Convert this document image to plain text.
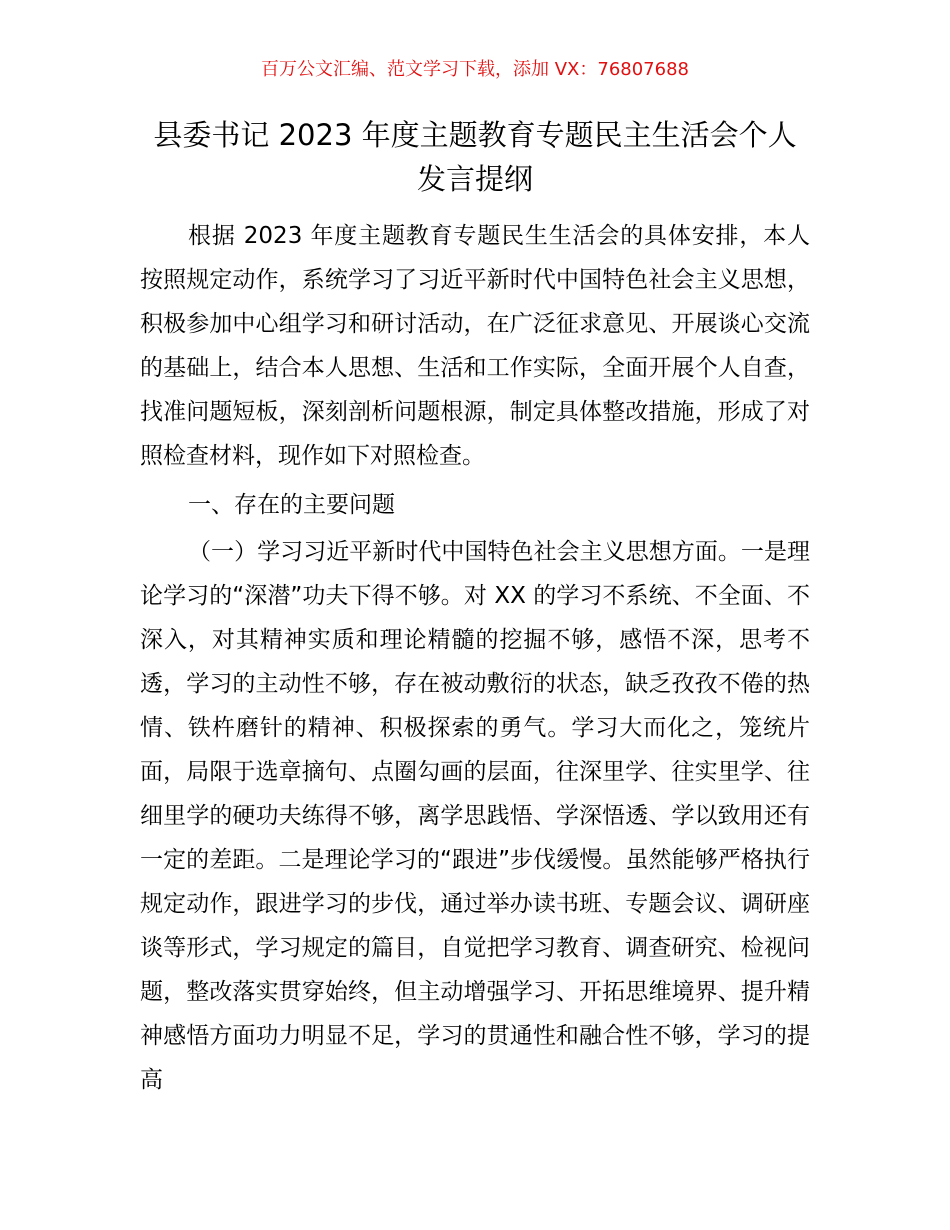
百万公文汇编、范文学习下载，添加 VX：76807688
县委书记 2023 年度主题教育专题民主生活会个人发言提纲

根据 2023 年度主题教育专题民生生活会的具体安排，本人按照规定动作，系统学习了习近平新时代中国特色社会主义思想，积极参加中心组学习和研讨活动，在广泛征求意见、开展谈心交流的基础上，结合本人思想、生活和工作实际，全面开展个人自查，找准问题短板，深刻剖析问题根源，制定具体整改措施，形成了对照检查材料，现作如下对照检查。

一、存在的主要问题

（一）学习习近平新时代中国特色社会主义思想方面。一是理论学习的“深潜”功夫下得不够。对 XX 的学习不系统、不全面、不深入，对其精神实质和理论精髓的挖掘不够，感悟不深，思考不透，学习的主动性不够，存在被动敷衍的状态，缺乏孜孜不倦的热情、铁杵磨针的精神、积极探索的勇气。学习大而化之，笼统片面，局限于选章摘句、点圈勾画的层面，往深里学、往实里学、往细里学的硬功夫练得不够，离学思践悟、学深悟透、学以致用还有一定的差距。二是理论学习的“跟进”步伐缓慢。虽然能够严格执行规定动作，跟进学习的步伐，通过举办读书班、专题会议、调研座谈等形式，学习规定的篇目，自觉把学习教育、调查研究、检视问题，整改落实贯穿始终，但主动增强学习、开拓思维境界、提升精神感悟方面功力明显不足，学习的贯通性和融合性不够，学习的提高
